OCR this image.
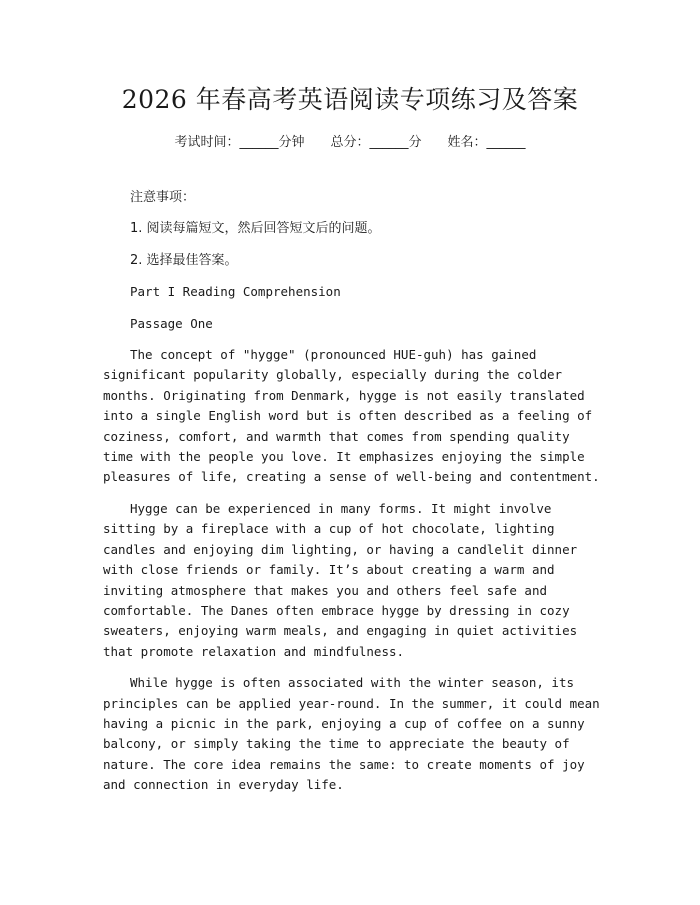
2026 年春高考英语阅读专项练习及答案
考试时间：______分钟 总分：______分 姓名：______

注意事项：

1. 阅读每篇短文，然后回答短文后的问题。

2. 选择最佳答案。

Part I Reading Comprehension

Passage One

The concept of "hygge" (pronounced HUE-guh) has gained significant popularity globally, especially during the colder months. Originating from Denmark, hygge is not easily translated into a single English word but is often described as a feeling of coziness, comfort, and warmth that comes from spending quality time with the people you love. It emphasizes enjoying the simple pleasures of life, creating a sense of well-being and contentment.

Hygge can be experienced in many forms. It might involve sitting by a fireplace with a cup of hot chocolate, lighting candles and enjoying dim lighting, or having a candlelit dinner with close friends or family. It’s about creating a warm and inviting atmosphere that makes you and others feel safe and comfortable. The Danes often embrace hygge by dressing in cozy sweaters, enjoying warm meals, and engaging in quiet activities that promote relaxation and mindfulness.

While hygge is often associated with the winter season, its principles can be applied year-round. In the summer, it could mean having a picnic in the park, enjoying a cup of coffee on a sunny balcony, or simply taking the time to appreciate the beauty of nature. The core idea remains the same: to create moments of joy and connection in everyday life.
